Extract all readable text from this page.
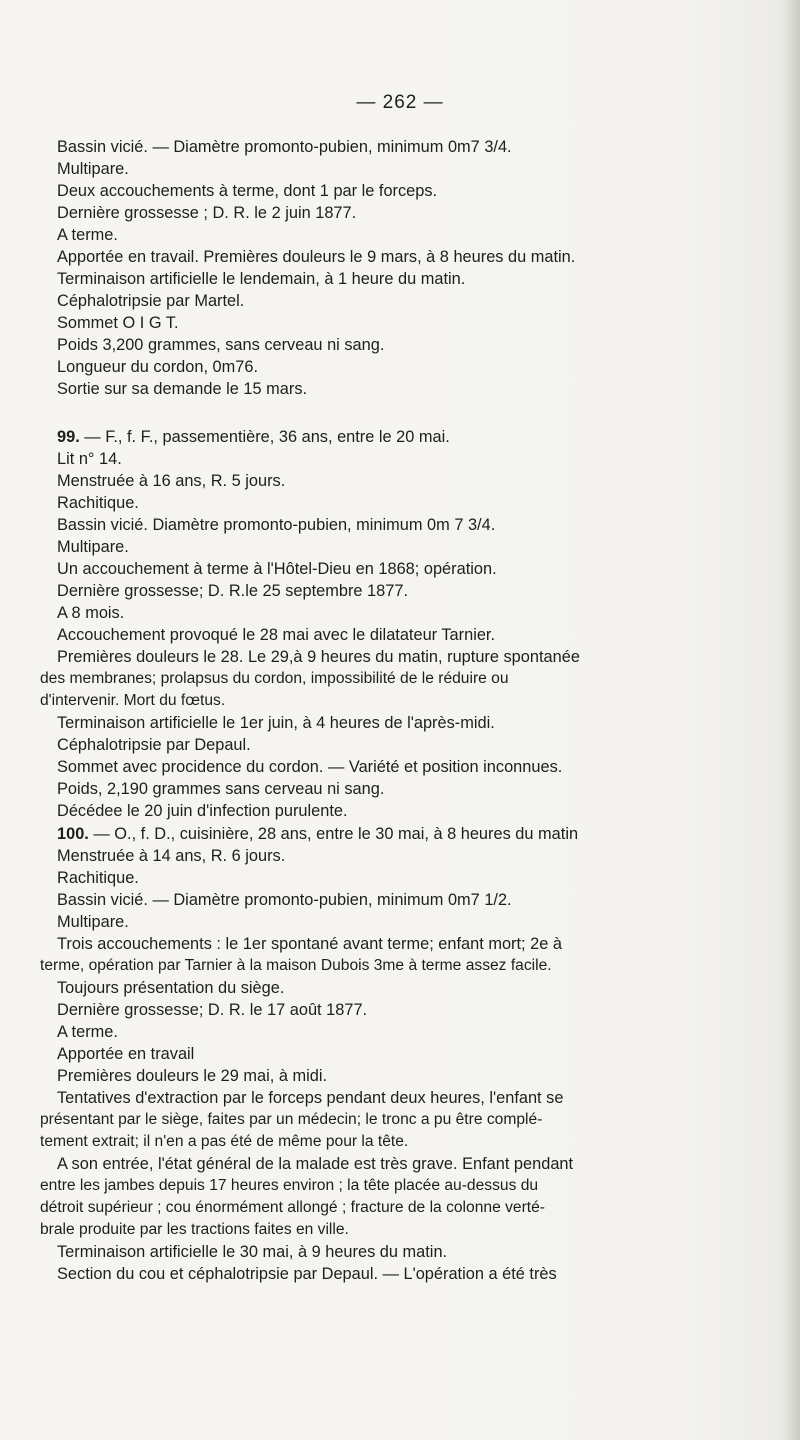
— 262 —
Bassin vicié. — Diamètre promonto-pubien, minimum 0m7 3/4.
Multipare.
Deux accouchements à terme, dont 1 par le forceps.
Dernière grossesse ; D. R. le 2 juin 1877.
A terme.
Apportée en travail. Premières douleurs le 9 mars, à 8 heures du matin.
Terminaison artificielle le lendemain, à 1 heure du matin.
Céphalotripsie par Martel.
Sommet O I G T.
Poids 3,200 grammes, sans cerveau ni sang.
Longueur du cordon, 0m76.
Sortie sur sa demande le 15 mars.
99. — F., f. F., passementière, 36 ans, entre le 20 mai.
Lit n° 14.
Menstruée à 16 ans, R. 5 jours.
Rachitique.
Bassin vicié. Diamètre promonto-pubien, minimum 0m 7 3/4.
Multipare.
Un accouchement à terme à l'Hôtel-Dieu en 1868; opération.
Dernière grossesse; D. R.le 25 septembre 1877.
A 8 mois.
Accouchement provoqué le 28 mai avec le dilatateur Tarnier.
Premières douleurs le 28. Le 29,à 9 heures du matin, rupture spontanée
des membranes; prolapsus du cordon, impossibilité de le réduire ou
d'intervenir. Mort du fœtus.
Terminaison artificielle le 1er juin, à 4 heures de l'après-midi.
Céphalotripsie par Depaul.
Sommet avec procidence du cordon. — Variété et position inconnues.
Poids, 2,190 grammes sans cerveau ni sang.
Décédee le 20 juin d'infection purulente.
100. — O., f. D., cuisinière, 28 ans, entre le 30 mai, à 8 heures du matin
Menstruée à 14 ans, R. 6 jours.
Rachitique.
Bassin vicié. — Diamètre promonto-pubien, minimum 0m7 1/2.
Multipare.
Trois accouchements : le 1er spontané avant terme; enfant mort; 2e à
terme, opération par Tarnier à la maison Dubois 3me à terme assez facile.
Toujours présentation du siège.
Dernière grossesse; D. R. le 17 août 1877.
A terme.
Apportée en travail
Premières douleurs le 29 mai, à midi.
Tentatives d'extraction par le forceps pendant deux heures, l'enfant se
présentant par le siège, faites par un médecin; le tronc a pu être complé-
tement extrait; il n'en a pas été de même pour la tête.
A son entrée, l'état général de la malade est très grave. Enfant pendant
entre les jambes depuis 17 heures environ ; la tête placée au-dessus du
détroit supérieur ; cou énormément allongé ; fracture de la colonne verté-
brale produite par les tractions faites en ville.
Terminaison artificielle le 30 mai, à 9 heures du matin.
Section du cou et céphalotripsie par Depaul. — L'opération a été très
